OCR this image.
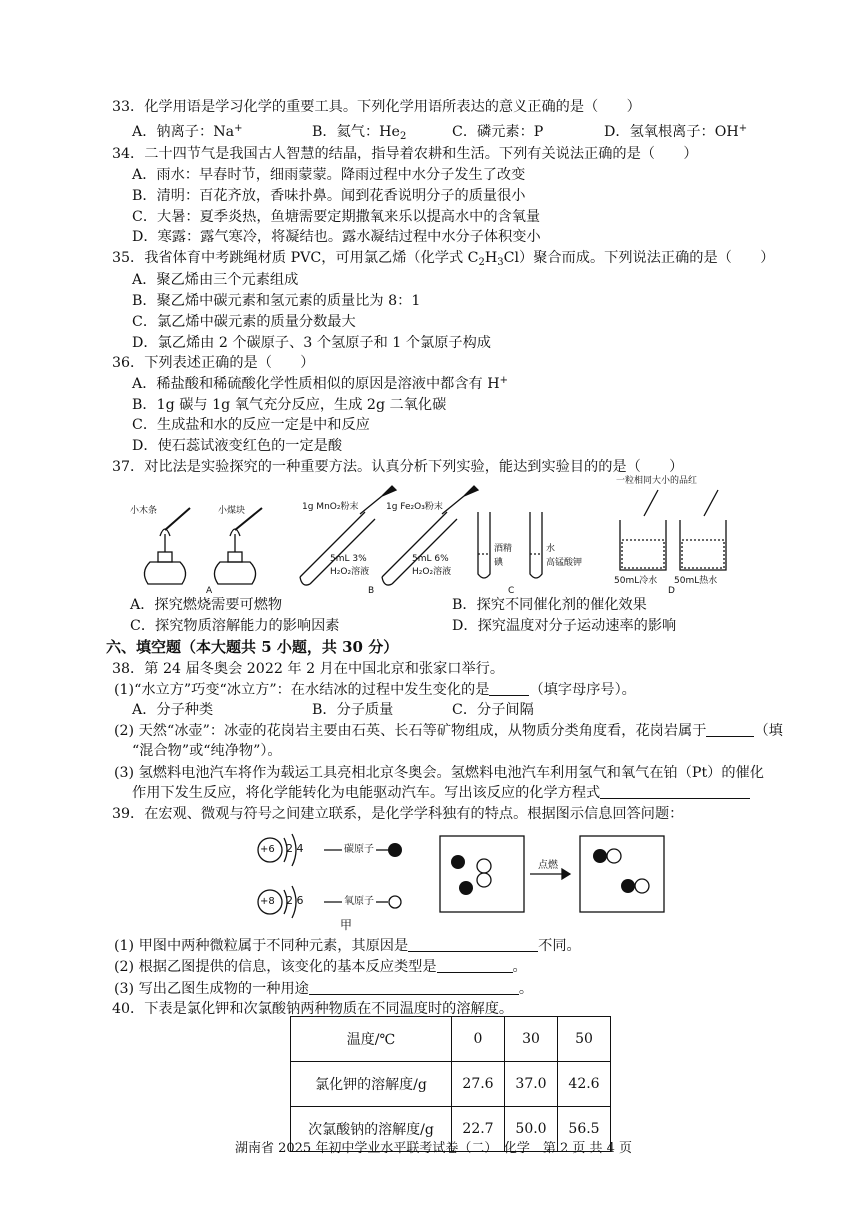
33．化学用语是学习化学的重要工具。下列化学用语所表达的意义正确的是（　　）
A．钠离子：Na+	B．氦气：$He_2$	C．磷元素：P	D．氢氧根离子：OH+
34．二十四节气是我国古人智慧的结晶，指导着农耕和生活。下列有关说法正确的是（　　）
A．雨水：早春时节，细雨蒙蒙。降雨过程中水分子发生了改变
B．清明：百花齐放，香味扑鼻。闻到花香说明分子的质量很小
C．大暑：夏季炎热，鱼塘需要定期撒氧来乐以提高水中的含氧量
D．寒露：露气寒冷，将凝结也。露水凝结过程中水分子体积变小
35．我省体育中考跳绳材质 PVC，可用氯乙烯（化学式 $C_2H_3Cl$）聚合而成。下列说法正确的是（　　）
A．聚乙烯由三个元素组成
B．聚乙烯中碳元素和氢元素的质量比为 8：1
C．氯乙烯中碳元素的质量分数最大
D．氯乙烯由 2 个碳原子、3 个氢原子和 1 个氯原子构成
36．下列表述正确的是（　　）
A．稀盐酸和稀硫酸化学性质相似的原因是溶液中都含有 H+
B．1g 碳与 1g 氧气充分反应，生成 2g 二氧化碳
C．生成盐和水的反应一定是中和反应
D．使石蕊试液变红色的一定是酸
37．对比法是实验探究的一种重要方法。认真分析下列实验，能达到实验目的的是（　　）
小木条	小煤块	1g MnO₂粉末	1g Fe₂O₃粉末
5mL 3%
H₂O₂溶液
5mL 6%
H₂O₂溶液
酒精
碘
水
高锰酸钾
一粒相同大小的品红
50mL冷水 50mL热水
A	B	C	D
A．探究燃烧需要可燃物	B．探究不同催化剂的催化效果
C．探究物质溶解能力的影响因素	D．探究温度对分子运动速率的影响
六、填空题（本大题共 5 小题，共 30 分）
38．第 24 届冬奥会 2022 年 2 月在中国北京和张家口举行。
(1)“水立方”巧变“冰立方”：在水结冰的过程中发生变化的是	（填字母序号）。
A．分子种类	B．分子质量	C．分子间隔
(2) 天然“冰壶”：冰壶的花岗岩主要由石英、长石等矿物组成，从物质分类角度看，花岗岩属于	（填
“混合物”或“纯净物”）。
(3) 氢燃料电池汽车将作为载运工具亮相北京冬奥会。氢燃料电池汽车利用氢气和氧气在铂（Pt）的催化
作用下发生反应，将化学能转化为电能驱动汽车。写出该反应的化学方程式
39．在宏观、微观与符号之间建立联系，是化学学科独有的特点。根据图示信息回答问题：
+6 2 4	碳原子
+8 2 6	氧原子
甲
点燃
(1) 甲图中两种微粒属于不同种元素，其原因是	不同。
(2) 根据乙图提供的信息，该变化的基本反应类型是	。
(3) 写出乙图生成物的一种用途	。
40．下表是氯化钾和次氯酸钠两种物质在不同温度时的溶解度。
温度/℃	0	30	50
氯化钾的溶解度/g	27.6	37.0	42.6
次氯酸钠的溶解度/g	22.7	50.0	56.5
湖南省 2025 年初中学业水平联考试卷（二）　化学　第 2 页 共 4 页
